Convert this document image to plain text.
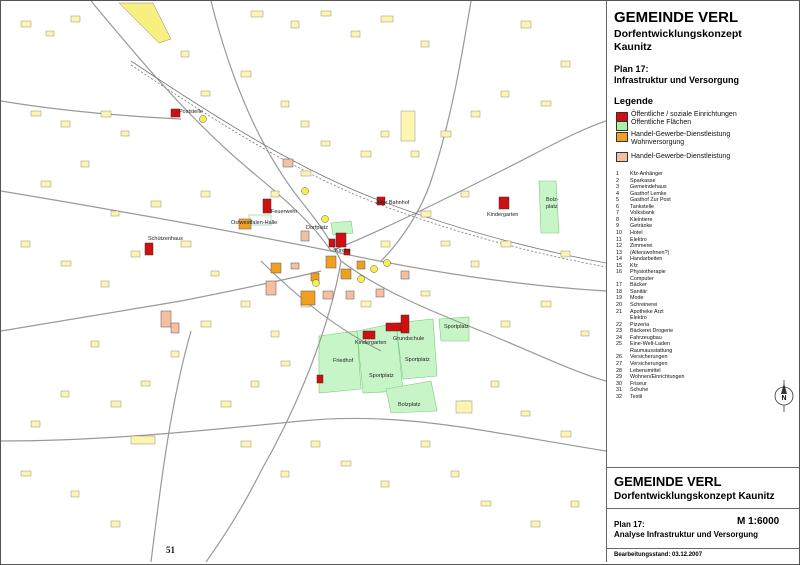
Poststelle
Schützenhaus
Ostwestfalen-Halle
Feuerwehr
Alter Bahnhof
Dorfplatz
Kirche
Kindergarten
Bolz-
platz
Kindergarten
Grundschule
Sportplatz
Sportplatz
Sportplatz
Friedhof
Bolzplatz
51
GEMEINDE VERL
Dorfentwicklungskonzept
Kaunitz
Plan 17:
Infrastruktur und Versorgung
Legende
Öffentliche / soziale Einrichtungen
Öffentliche Flächen
Handel-Gewerbe-Dienstleistung
Wohnversorgung
Handel-Gewerbe-Dienstleistung
1 Kfz-Anhänger
2 Sparkasse
3 Gemeindehaus
4 Gasthof Lemke
5 Gasthof Zur Post
6 Tankstelle
7 Volksbank
8 Kleintiere
9 Getränke
10 Hotel
11 Elektro
12 Zimmerei
13 (Alterswohnen?)
14 Handarbeiten
15 Kfz
16 Physiotherapie
Computer
17 Bäcker
18 Sanitär
19 Mode
20 Schreinerei
21 Apotheke Arzt
Elektro
22 Pizzeria
23 Bäckerei Drogerie
24 Fahrzeugbau
25 Eine-Welt-Laden
Raumausstattung
26 Versicherungen
27 Versicherungen
28 Lebensmittel
29 Wohnen/Einrichtungen
30 Friseur
31 Schuhe
32 Textil	N
GEMEINDE VERL
Dorfentwicklungskonzept Kaunitz
Plan 17:
Analyse Infrastruktur und Versorgung
M 1:6000
Bearbeitungsstand: 03.12.2007
